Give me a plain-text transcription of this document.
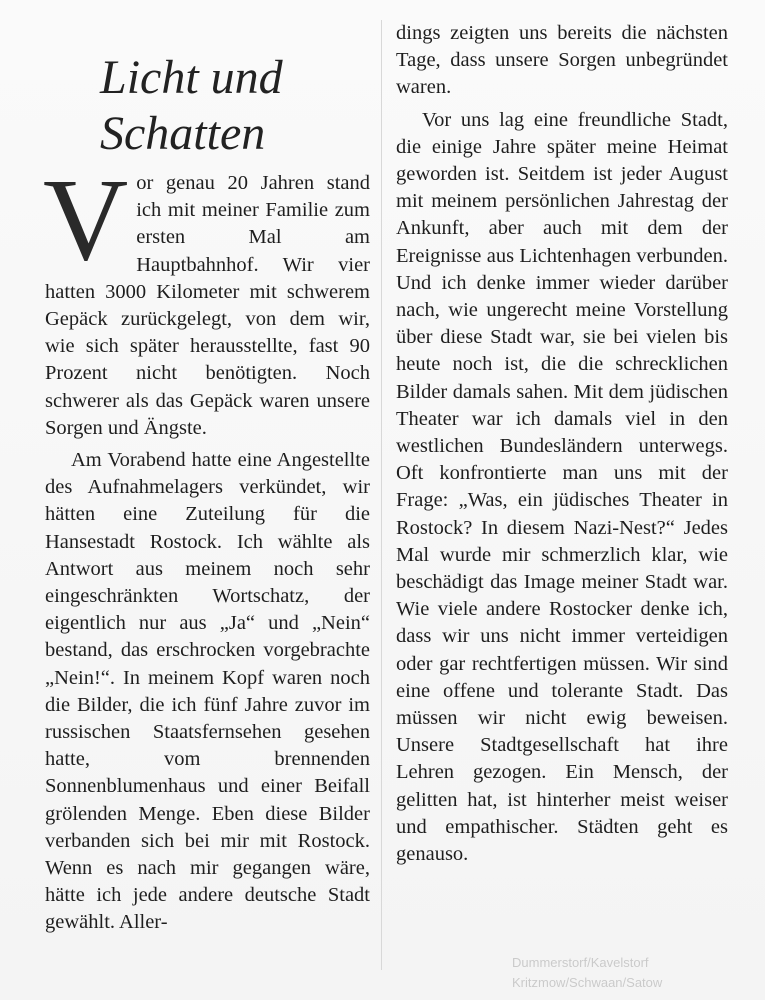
Dummerstorf/Kavelstorf
Kritzmow/Schwaan/Satow
Licht und Schatten

Vor genau 20 Jahren stand ich mit meiner Familie zum ersten Mal am Hauptbahnhof. Wir vier hatten 3000 Kilometer mit schwerem Gepäck zurückgelegt, von dem wir, wie sich später herausstellte, fast 90 Prozent nicht benötigten. Noch schwerer als das Gepäck waren unsere Sorgen und Ängste.

Am Vorabend hatte eine Angestellte des Aufnahmelagers verkündet, wir hätten eine Zuteilung für die Hansestadt Rostock. Ich wählte als Antwort aus meinem noch sehr eingeschränkten Wortschatz, der eigentlich nur aus „Ja“ und „Nein“ bestand, das erschrocken vorgebrachte „Nein!“. In meinem Kopf waren noch die Bilder, die ich fünf Jahre zuvor im russischen Staatsfernsehen gesehen hatte, vom brennenden Sonnenblumenhaus und einer Beifall grölenden Menge. Eben diese Bilder verbanden sich bei mir mit Rostock. Wenn es nach mir gegangen wäre, hätte ich jede andere deutsche Stadt gewählt. Aller-

dings zeigten uns bereits die nächsten Tage, dass unsere Sorgen unbegründet waren.

Vor uns lag eine freundliche Stadt, die einige Jahre später meine Heimat geworden ist. Seitdem ist jeder August mit meinem persönlichen Jahrestag der Ankunft, aber auch mit dem der Ereignisse aus Lichtenhagen verbunden. Und ich denke immer wieder darüber nach, wie ungerecht meine Vorstellung über diese Stadt war, sie bei vielen bis heute noch ist, die die schrecklichen Bilder damals sahen. Mit dem jüdischen Theater war ich damals viel in den westlichen Bundesländern unterwegs. Oft konfrontierte man uns mit der Frage: „Was, ein jüdisches Theater in Rostock? In diesem Nazi-Nest?“ Jedes Mal wurde mir schmerzlich klar, wie beschädigt das Image meiner Stadt war. Wie viele andere Rostocker denke ich, dass wir uns nicht immer verteidigen oder gar rechtfertigen müssen. Wir sind eine offene und tolerante Stadt. Das müssen wir nicht ewig beweisen. Unsere Stadtgesellschaft hat ihre Lehren gezogen. Ein Mensch, der gelitten hat, ist hinterher meist weiser und empathischer. Städten geht es genauso.
